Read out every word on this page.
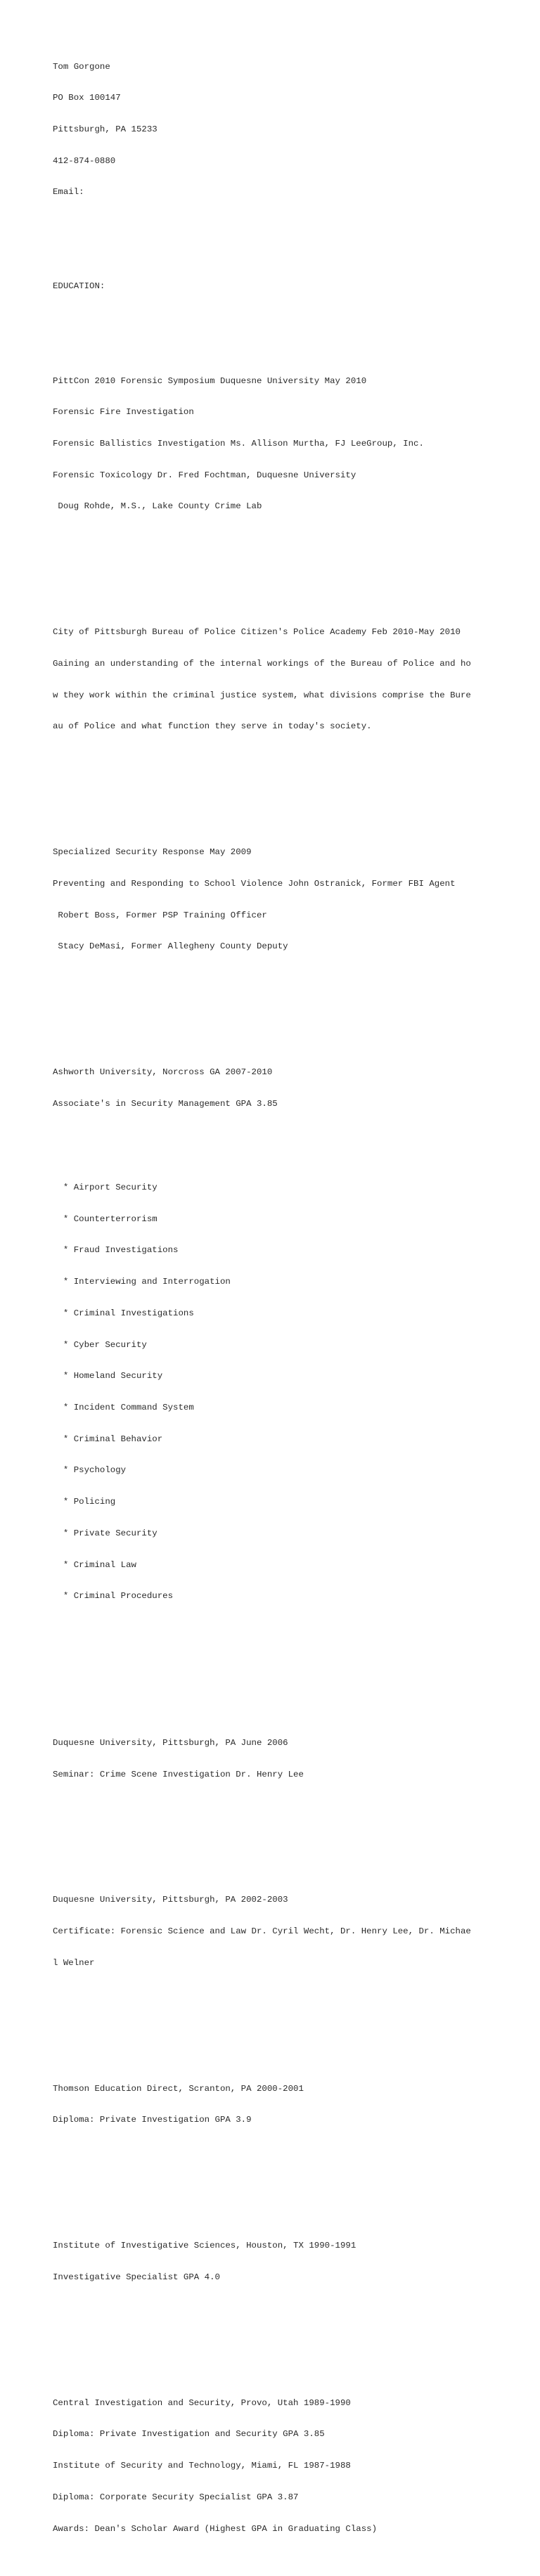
Tom Gorgone

PO Box 100147

Pittsburgh, PA 15233

412-874-0880

Email:

EDUCATION:

PittCon 2010 Forensic Symposium Duquesne University May 2010

Forensic Fire Investigation

Forensic Ballistics Investigation Ms. Allison Murtha, FJ LeeGroup, Inc.

Forensic Toxicology Dr. Fred Fochtman, Duquesne University

Doug Rohde, M.S., Lake County Crime Lab

City of Pittsburgh Bureau of Police Citizen's Police Academy Feb 2010-May 2010

Gaining an understanding of the internal workings of the Bureau of Police and ho

w they work within the criminal justice system, what divisions comprise the Bure

au of Police and what function they serve in today's society.

Specialized Security Response May 2009

Preventing and Responding to School Violence John Ostranick, Former FBI Agent

Robert Boss, Former PSP Training Officer

Stacy DeMasi, Former Allegheny County Deputy

Ashworth University, Norcross GA 2007-2010

Associate's in Security Management GPA 3.85

* Airport Security

* Counterterrorism

* Fraud Investigations

* Interviewing and Interrogation

* Criminal Investigations

* Cyber Security

* Homeland Security

* Incident Command System

* Criminal Behavior

* Psychology

* Policing

* Private Security

* Criminal Law

* Criminal Procedures

Duquesne University, Pittsburgh, PA June 2006

Seminar: Crime Scene Investigation Dr. Henry Lee

Duquesne University, Pittsburgh, PA 2002-2003

Certificate: Forensic Science and Law Dr. Cyril Wecht, Dr. Henry Lee, Dr. Michae

l Welner

Thomson Education Direct, Scranton, PA 2000-2001

Diploma: Private Investigation GPA 3.9

Institute of Investigative Sciences, Houston, TX 1990-1991

Investigative Specialist GPA 4.0

Central Investigation and Security, Provo, Utah 1989-1990

Diploma: Private Investigation and Security GPA 3.85

Institute of Security and Technology, Miami, FL 1987-1988

Diploma: Corporate Security Specialist GPA 3.87

Awards: Dean's Scholar Award (Highest GPA in Graduating Class)
